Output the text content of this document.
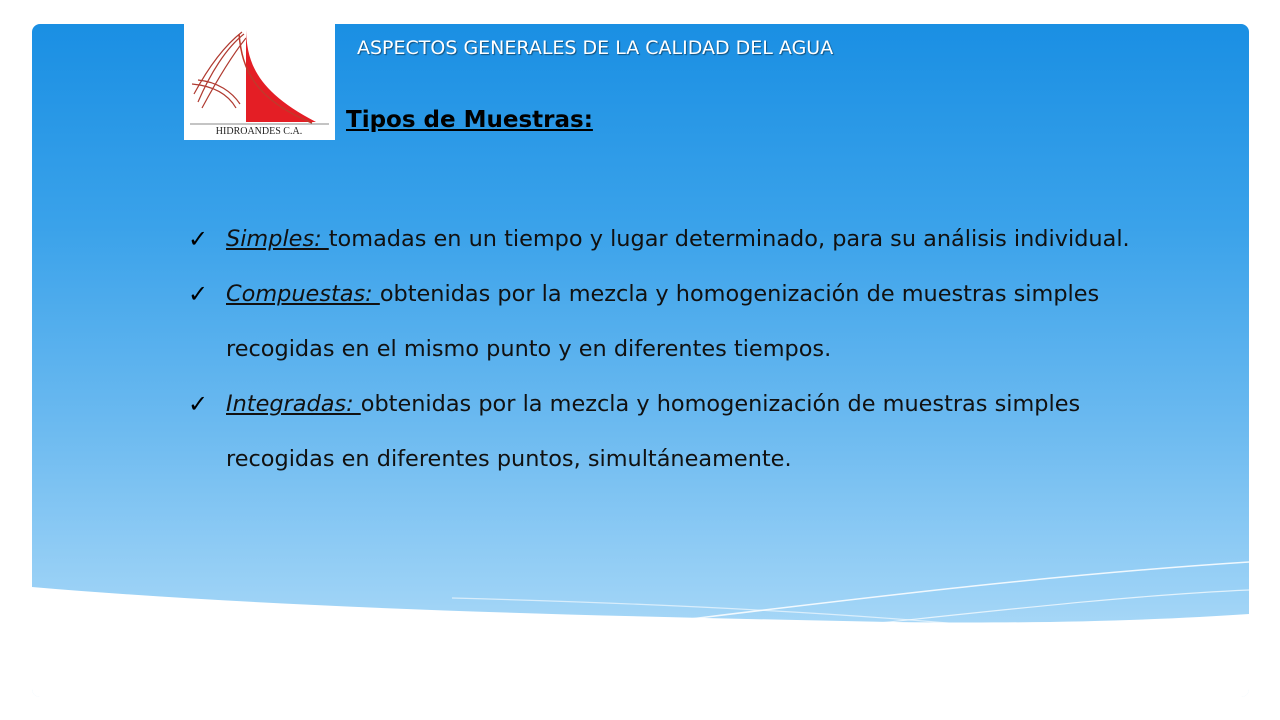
HIDROANDES C.A.
ASPECTOS GENERALES DE LA CALIDAD DEL AGUA
Tipos de Muestras:
✓ Simples: tomadas en un tiempo y lugar determinado, para su análisis individual.
✓ Compuestas: obtenidas por la mezcla y homogenización de muestras simples recogidas en el mismo punto y en diferentes tiempos.
✓ Integradas: obtenidas por la mezcla y homogenización de muestras simples recogidas en diferentes puntos, simultáneamente.
